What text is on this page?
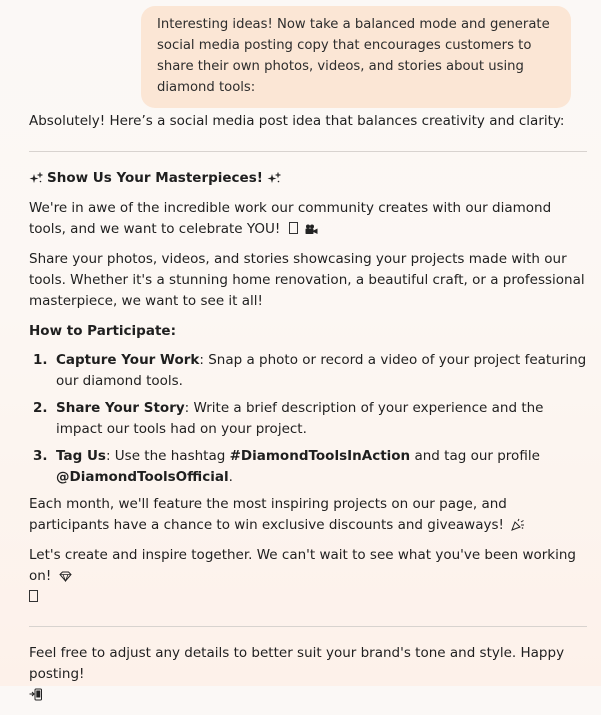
Interesting ideas! Now take a balanced mode and generate social media posting copy that encourages customers to share their own photos, videos, and stories about using diamond tools:

Absolutely! Here’s a social media post idea that balances creativity and clarity:

Show Us Your Masterpieces!

We're in awe of the incredible work our community creates with our diamond tools, and we want to celebrate YOU!

Share your photos, videos, and stories showcasing your projects made with our tools. Whether it's a stunning home renovation, a beautiful craft, or a professional masterpiece, we want to see it all!

How to Participate:

1. Capture Your Work: Snap a photo or record a video of your project featuring our diamond tools.
2. Share Your Story: Write a brief description of your experience and the impact our tools had on your project.
3. Tag Us: Use the hashtag #DiamondToolsInAction and tag our profile @DiamondToolsOfficial.

Each month, we'll feature the most inspiring projects on our page, and participants have a chance to win exclusive discounts and giveaways!

Let's create and inspire together. We can't wait to see what you've been working on!

Feel free to adjust any details to better suit your brand's tone and style. Happy posting!
